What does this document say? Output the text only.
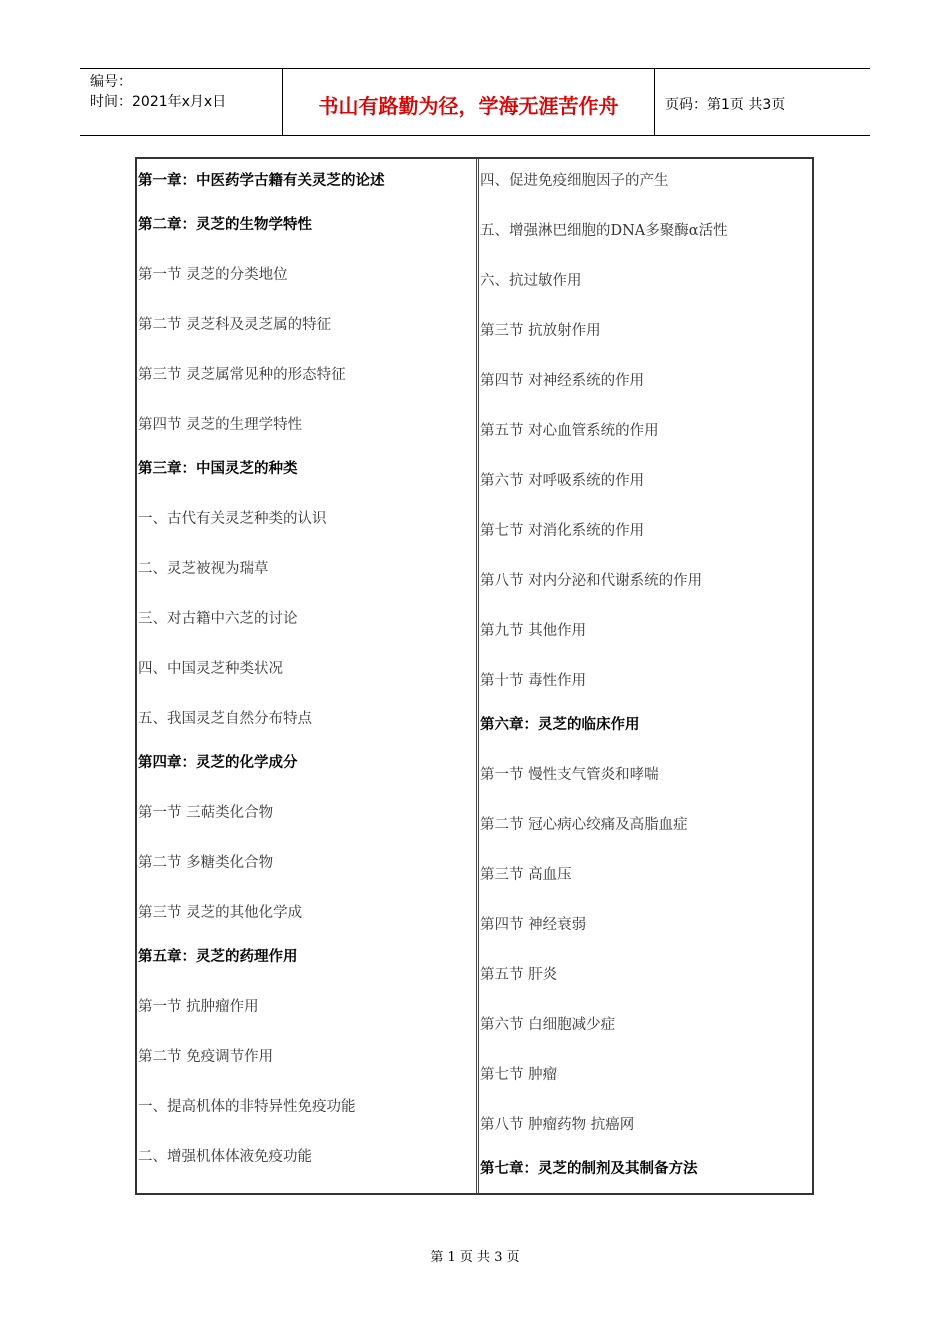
编号：
时间：2021年x月x日	书山有路勤为径，学海无涯苦作舟	页码：第1页 共3页
第一章：中医药学古籍有关灵芝的论述
第二章：灵芝的生物学特性
第一节 灵芝的分类地位
第二节 灵芝科及灵芝属的特征
第三节 灵芝属常见种的形态特征
第四节 灵芝的生理学特性
第三章：中国灵芝的种类
一、古代有关灵芝种类的认识
二、灵芝被视为瑞草
三、对古籍中六芝的讨论
四、中国灵芝种类状况
五、我国灵芝自然分布特点
第四章：灵芝的化学成分
第一节 三萜类化合物
第二节 多糖类化合物
第三节 灵芝的其他化学成
第五章：灵芝的药理作用
第一节 抗肿瘤作用
第二节 免疫调节作用
一、提高机体的非特异性免疫功能
二、增强机体体液免疫功能
四、促进免疫细胞因子的产生
五、增强淋巴细胞的DNA多聚酶α活性
六、抗过敏作用
第三节 抗放射作用
第四节 对神经系统的作用
第五节 对心血管系统的作用
第六节 对呼吸系统的作用
第七节 对消化系统的作用
第八节 对内分泌和代谢系统的作用
第九节 其他作用
第十节 毒性作用
第六章：灵芝的临床作用
第一节 慢性支气管炎和哮喘
第二节 冠心病心绞痛及高脂血症
第三节 高血压
第四节 神经衰弱
第五节 肝炎
第六节 白细胞减少症
第七节 肿瘤
第八节 肿瘤药物 抗癌网
第七章：灵芝的制剂及其制备方法
第 1 页 共 3 页
